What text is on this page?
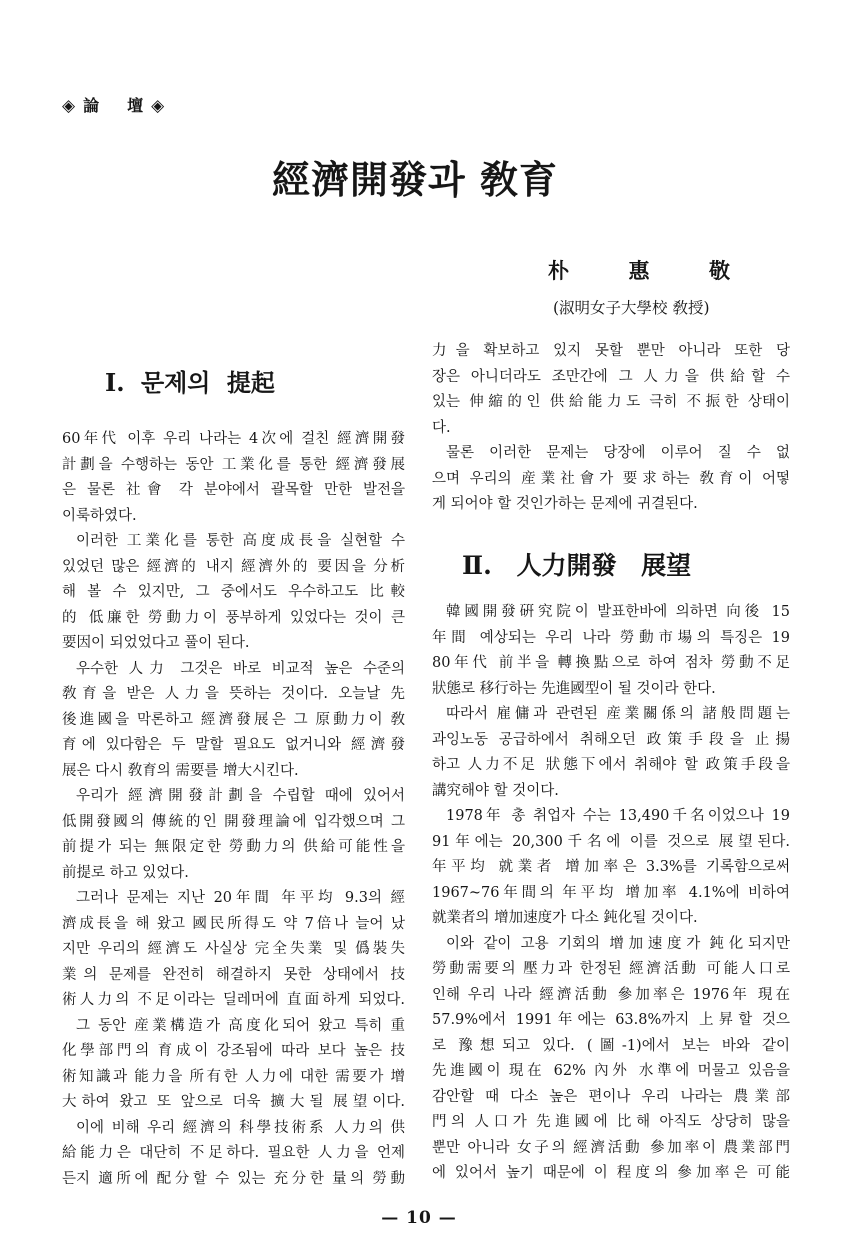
◈ 論　壇 ◈
經濟開發과 敎育
朴　惠　敬
(淑明女子大學校 敎授)
Ⅰ. 문제의 提起
60年代 이후 우리 나라는 4次에 걸친 經濟開發
計劃을 수행하는 동안 工業化를 통한 經濟發展
은 물론 社會 각 분야에서 괄목할 만한 발전을
이룩하였다.
이러한 工業化를 통한 高度成長을 실현할 수
있었던 많은 經濟的 내지 經濟外的 要因을 分析
해 볼 수 있지만, 그 중에서도 우수하고도 比較
的 低廉한 勞動力이 풍부하게 있었다는 것이 큰
要因이 되었었다고 풀이 된다.
우수한 人力 그것은 바로 비교적 높은 수준의
敎育을 받은 人力을 뜻하는 것이다. 오늘날 先
後進國을 막론하고 經濟發展은 그 原動力이 敎
育에 있다함은 두 말할 필요도 없거니와 經濟發
展은 다시 敎育의 需要를 增大시킨다.
우리가 經濟開發計劃을 수립할 때에 있어서
低開發國의 傳統的인 開發理論에 입각했으며 그
前提가 되는 無限定한 勞動力의 供給可能性을
前提로 하고 있었다.
그러나 문제는 지난 20年間 年平均 9.3의 經
濟成長을 해 왔고 國民所得도 약 7倍나 늘어 났
지만 우리의 經濟도 사실상 完全失業 및 僞裝失
業의 문제를 완전히 해결하지 못한 상태에서 技
術人力의 不足이라는 딜레머에 直面하게 되었다.
그 동안 産業構造가 高度化되어 왔고 특히 重
化學部門의 育成이 강조됨에 따라 보다 높은 技
術知識과 能力을 所有한 人力에 대한 需要가 增
大하여 왔고 또 앞으로 더욱 擴大될 展望이다.
이에 비해 우리 經濟의 科學技術系 人力의 供
給能力은 대단히 不足하다. 필요한 人力을 언제
든지 適所에 配分할 수 있는 充分한 量의 勞動
力을 확보하고 있지 못할 뿐만 아니라 또한 당
장은 아니더라도 조만간에 그 人力을 供給할 수
있는 伸縮的인 供給能力도 극히 不振한 상태이
다.
물론 이러한 문제는 당장에 이루어 질 수 없
으며 우리의 産業社會가 要求하는 敎育이 어떻
게 되어야 할 것인가하는 문제에 귀결된다.
Ⅱ. 人力開發 展望
韓國開發硏究院이 발표한바에 의하면 向後 15
年間 예상되는 우리 나라 勞動市場의 특징은 19
80年代 前半을 轉換點으로 하여 점차 勞動不足
狀態로 移行하는 先進國型이 될 것이라 한다.
따라서 雇傭과 관련된 産業關係의 諸般問題는
과잉노동 공급하에서 취해오던 政策手段을 止揚
하고 人力不足 狀態下에서 취해야 할 政策手段을
講究해야 할 것이다.
1978年 총 취업자 수는 13,490千名이었으나 19
91年에는 20,300千名에 이를 것으로 展望된다.
年平均 就業者 增加率은 3.3%를 기록함으로써
1967~76年間의 年平均 增加率 4.1%에 비하여
就業者의 增加速度가 다소 鈍化될 것이다.
이와 같이 고용 기회의 增加速度가 鈍化되지만
勞動需要의 壓力과 한정된 經濟活動 可能人口로
인해 우리 나라 經濟活動 參加率은 1976年 現在
57.9%에서 1991年에는 63.8%까지 上昇할 것으
로 豫想되고 있다. (圖-1)에서 보는 바와 같이
先進國이 現在 62% 內外 水準에 머물고 있음을
감안할 때 다소 높은 편이나 우리 나라는 農業部
門의 人口가 先進國에 比해 아직도 상당히 많을
뿐만 아니라 女子의 經濟活動 參加率이 農業部門
에 있어서 높기 때문에 이 程度의 參加率은 可能
— 10 —
